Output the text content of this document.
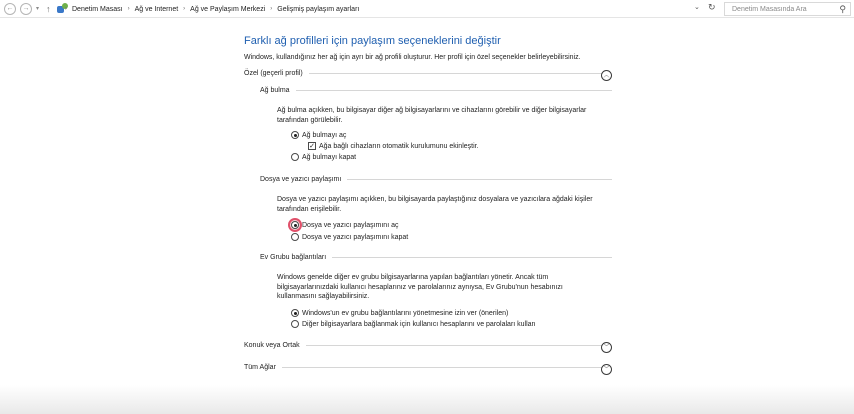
← → ▾ ↑ › Denetim Masası › Ağ ve Internet › Ağ ve Paylaşım Merkezi › Gelişmiş paylaşım ayarları	⌄ ↻ Denetim Masasında Ara	⚲
Farklı ağ profilleri için paylaşım seçeneklerini değiştir
Windows, kullandığınız her ağ için ayrı bir ağ profili oluşturur. Her profil için özel seçenekler belirleyebilirsiniz.
Özel (geçerli profil)	︿
Ağ bulma
Ağ bulma açıkken, bu bilgisayar diğer ağ bilgisayarlarını ve cihazlarını görebilir ve diğer bilgisayarlar
tarafından görülebilir.
Ağ bulmayı aç
✓ Ağa bağlı cihazların otomatik kurulumunu ekinleştir.
Ağ bulmayı kapat
Dosya ve yazıcı paylaşımı
Dosya ve yazıcı paylaşımı açıkken, bu bilgisayarda paylaştığınız dosyalara ve yazıcılara ağdaki kişiler
tarafından erişilebilir.
Dosya ve yazıcı paylaşımını aç
Dosya ve yazıcı paylaşımını kapat
Ev Grubu bağlantıları
Windows genelde diğer ev grubu bilgisayarlarına yapılan bağlantıları yönetir. Ancak tüm
bilgisayarlarınızdaki kullanıcı hesaplarınız ve parolalarınız aynıysa, Ev Grubu'nun hesabınızı
kullanmasını sağlayabilirsiniz.
Windows'un ev grubu bağlantılarını yönetmesine izin ver (önerilen)
Diğer bilgisayarlara bağlanmak için kullanıcı hesaplarını ve parolaları kullan
Konuk veya Ortak	﹀
Tüm Ağlar	﹀
